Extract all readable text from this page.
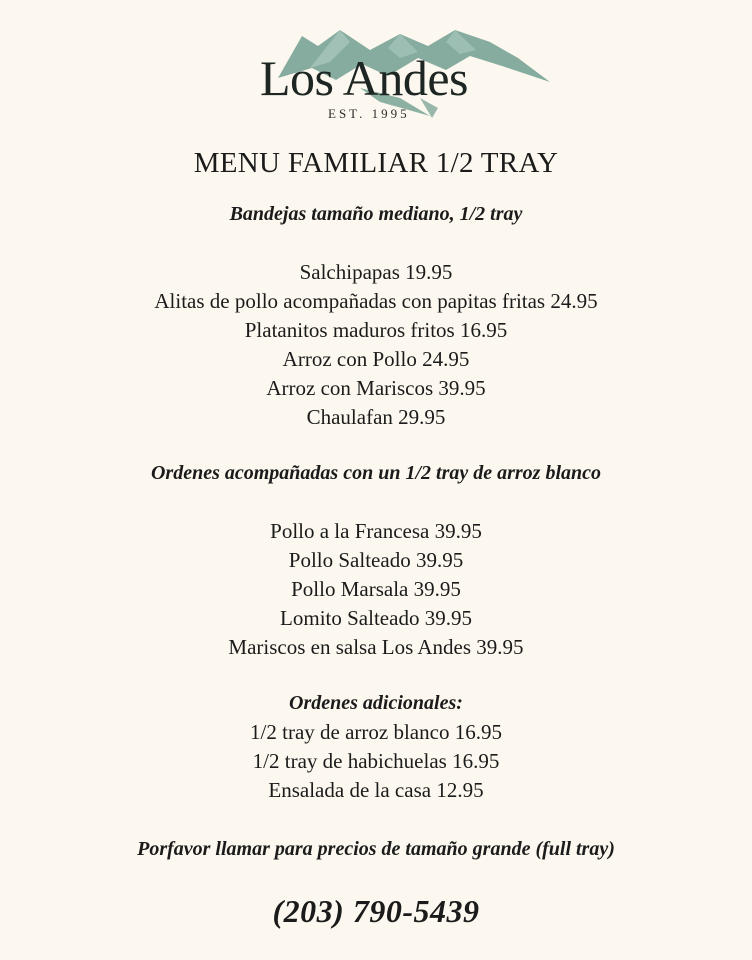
Los Andes
EST. 1995
MENU FAMILIAR 1/2 TRAY
Bandejas tamaño mediano, 1/2 tray
Salchipapas 19.95
Alitas de pollo acompañadas con papitas fritas 24.95
Platanitos maduros fritos 16.95
Arroz con Pollo 24.95
Arroz con Mariscos 39.95
Chaulafan 29.95
Ordenes acompañadas con un 1/2 tray de arroz blanco
Pollo a la Francesa 39.95
Pollo Salteado 39.95
Pollo Marsala 39.95
Lomito Salteado 39.95
Mariscos en salsa Los Andes 39.95
Ordenes adicionales:
1/2 tray de arroz blanco 16.95
1/2 tray de habichuelas 16.95
Ensalada de la casa 12.95
Porfavor llamar para precios de tamaño grande (full tray)
(203) 790-5439
